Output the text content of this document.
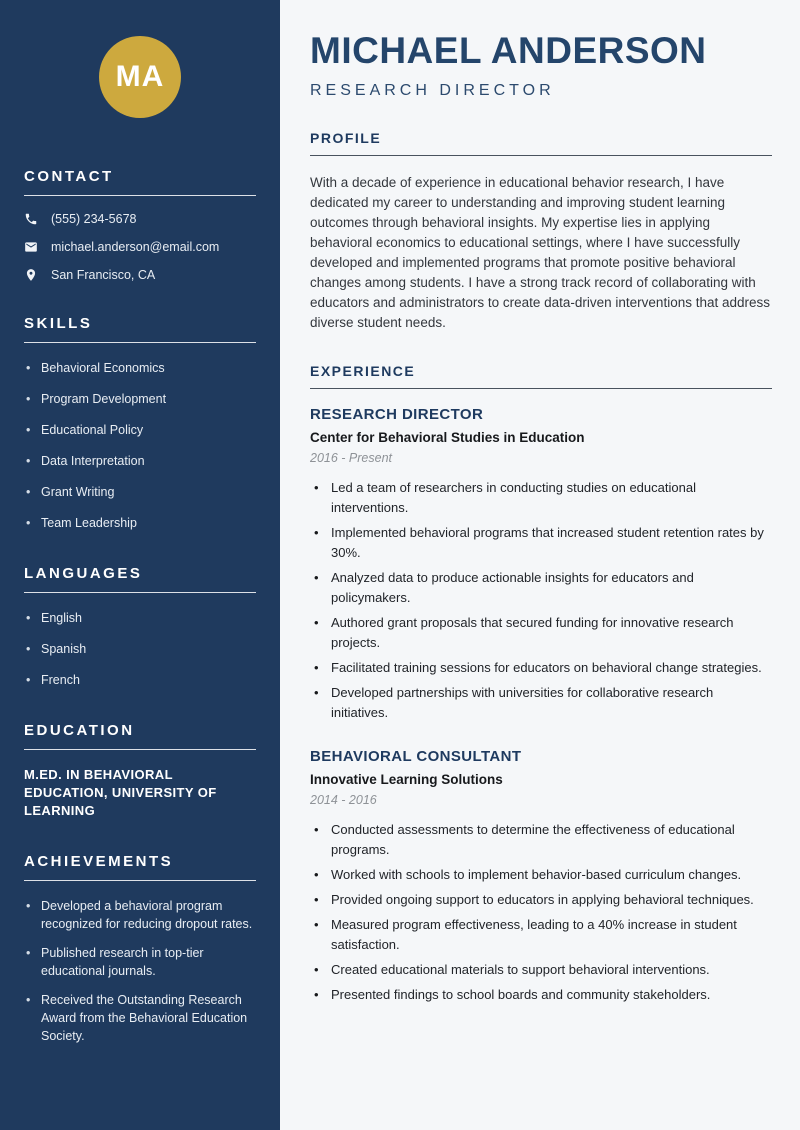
MA
CONTACT
(555) 234-5678
michael.anderson@email.com
San Francisco, CA
SKILLS
• Behavioral Economics
• Program Development
• Educational Policy
• Data Interpretation
• Grant Writing
• Team Leadership
LANGUAGES
• English
• Spanish
• French
EDUCATION

M.ED. IN BEHAVIORAL EDUCATION, UNIVERSITY OF LEARNING

ACHIEVEMENTS
• Developed a behavioral program recognized for reducing dropout rates.
• Published research in top-tier educational journals.
• Received the Outstanding Research Award from the Behavioral Education Society.
MICHAEL ANDERSON
RESEARCH DIRECTOR
PROFILE

With a decade of experience in educational behavior research, I have dedicated my career to understanding and improving student learning outcomes through behavioral insights. My expertise lies in applying behavioral economics to educational settings, where I have successfully developed and implemented programs that promote positive behavioral changes among students. I have a strong track record of collaborating with educators and administrators to create data-driven interventions that address diverse student needs.

EXPERIENCE
RESEARCH DIRECTOR
Center for Behavioral Studies in Education
2016 - Present
• Led a team of researchers in conducting studies on educational interventions.
• Implemented behavioral programs that increased student retention rates by 30%.
• Analyzed data to produce actionable insights for educators and policymakers.
• Authored grant proposals that secured funding for innovative research projects.
• Facilitated training sessions for educators on behavioral change strategies.
• Developed partnerships with universities for collaborative research initiatives.
BEHAVIORAL CONSULTANT
Innovative Learning Solutions
2014 - 2016
• Conducted assessments to determine the effectiveness of educational programs.
• Worked with schools to implement behavior-based curriculum changes.
• Provided ongoing support to educators in applying behavioral techniques.
• Measured program effectiveness, leading to a 40% increase in student satisfaction.
• Created educational materials to support behavioral interventions.
• Presented findings to school boards and community stakeholders.
